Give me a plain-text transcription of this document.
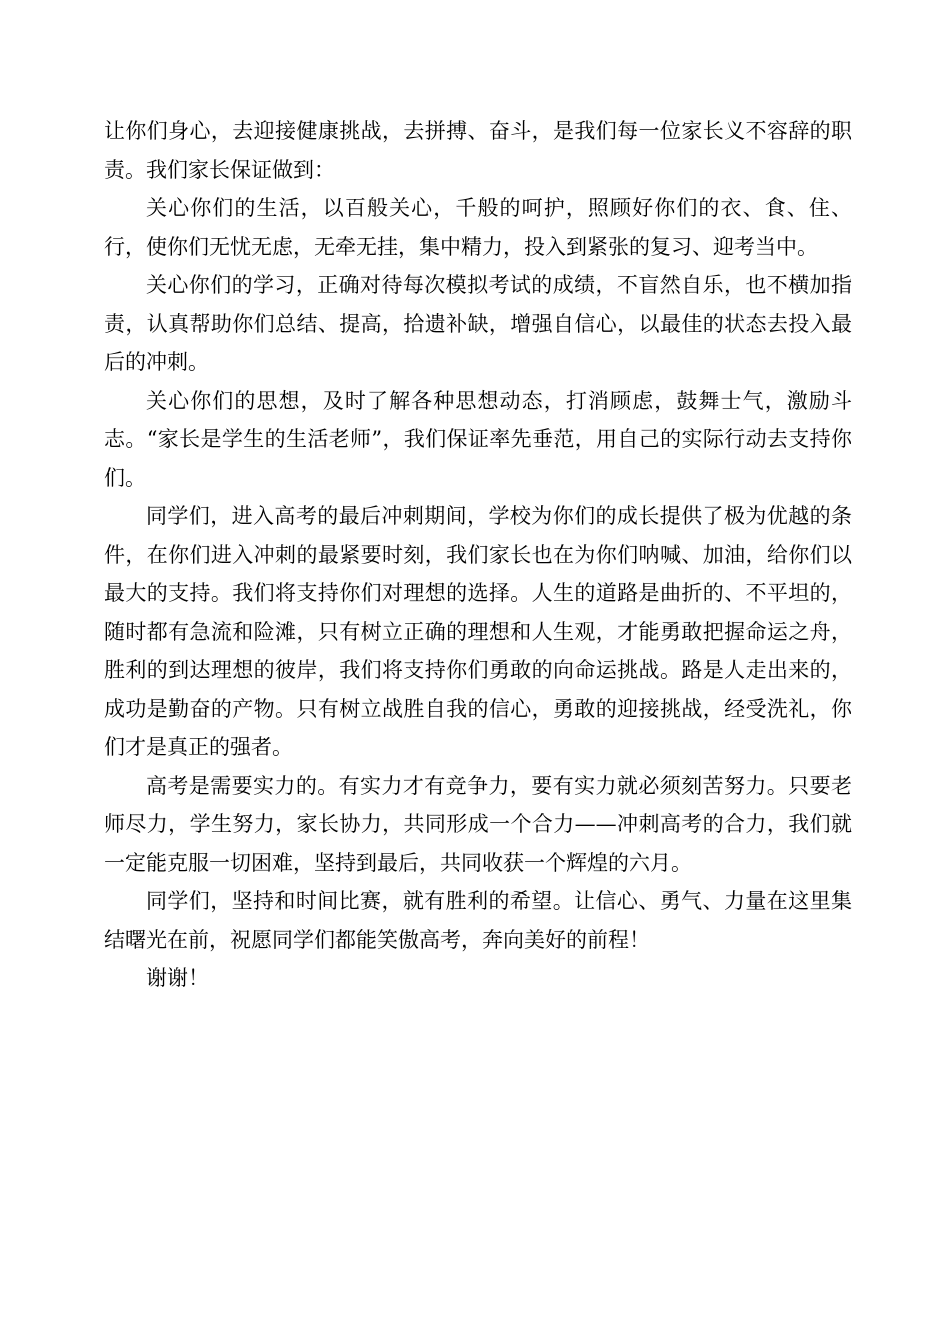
让你们身心，去迎接健康挑战，去拼搏、奋斗，是我们每一位家长义不容辞的职责。我们家长保证做到：

关心你们的生活，以百般关心，千般的呵护，照顾好你们的衣、食、住、行，使你们无忧无虑，无牵无挂，集中精力，投入到紧张的复习、迎考当中。

关心你们的学习，正确对待每次模拟考试的成绩，不盲然自乐，也不横加指责，认真帮助你们总结、提高，拾遗补缺，增强自信心，以最佳的状态去投入最后的冲刺。

关心你们的思想，及时了解各种思想动态，打消顾虑，鼓舞士气，激励斗志。“家长是学生的生活老师”，我们保证率先垂范，用自己的实际行动去支持你们。

同学们，进入高考的最后冲刺期间，学校为你们的成长提供了极为优越的条件，在你们进入冲刺的最紧要时刻，我们家长也在为你们呐喊、加油，给你们以最大的支持。我们将支持你们对理想的选择。人生的道路是曲折的、不平坦的，随时都有急流和险滩，只有树立正确的理想和人生观，才能勇敢把握命运之舟，胜利的到达理想的彼岸，我们将支持你们勇敢的向命运挑战。路是人走出来的，成功是勤奋的产物。只有树立战胜自我的信心，勇敢的迎接挑战，经受洗礼，你们才是真正的强者。

高考是需要实力的。有实力才有竞争力，要有实力就必须刻苦努力。只要老师尽力，学生努力，家长协力，共同形成一个合力——冲刺高考的合力，我们就一定能克服一切困难，坚持到最后，共同收获一个辉煌的六月。

同学们，坚持和时间比赛，就有胜利的希望。让信心、勇气、力量在这里集结曙光在前，祝愿同学们都能笑傲高考，奔向美好的前程！

谢谢！
